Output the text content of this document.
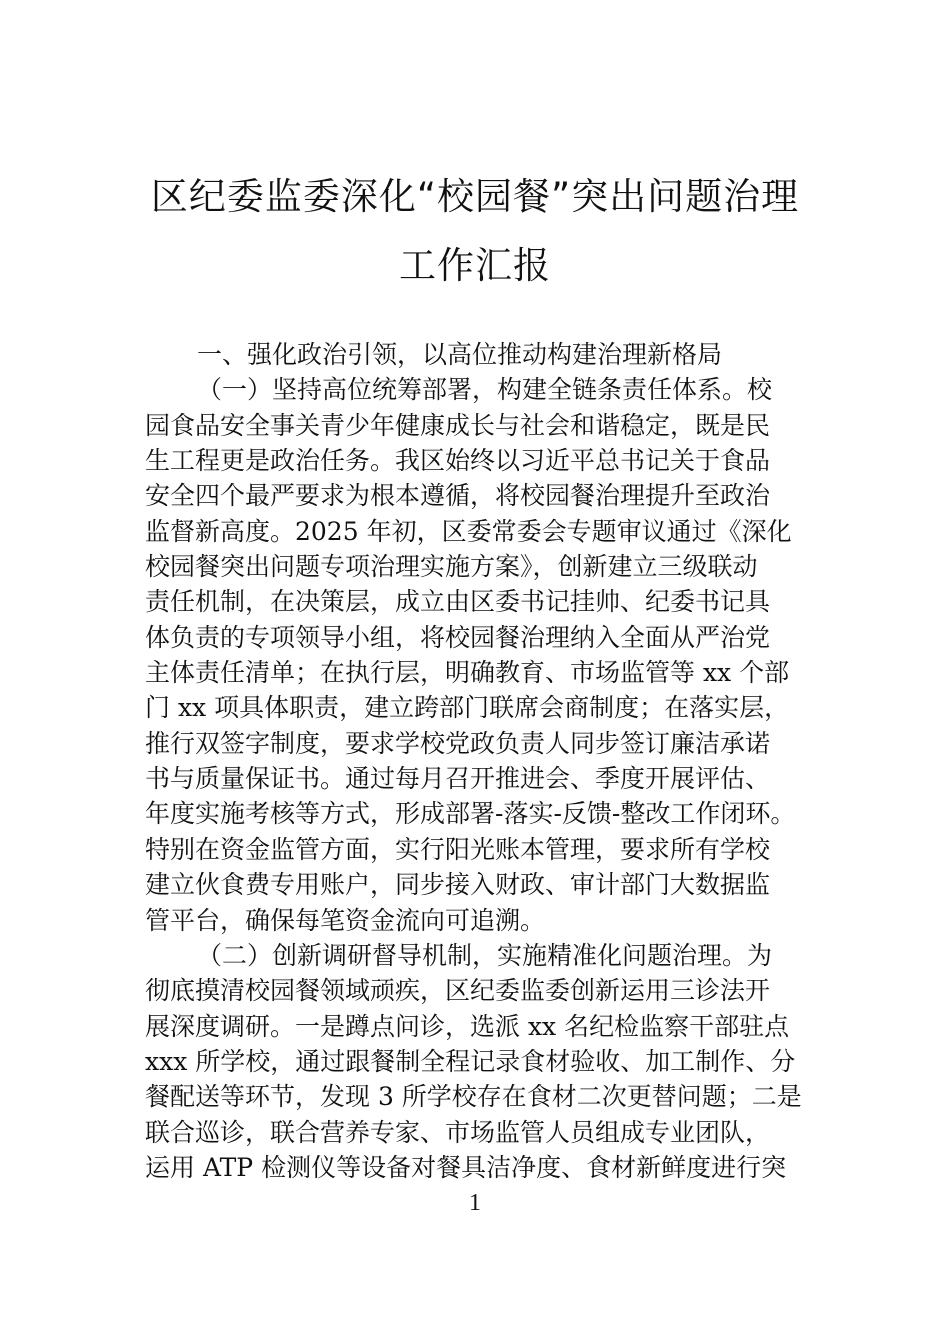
区纪委监委深化“校园餐”突出问题治理
工作汇报
一、强化政治引领，以高位推动构建治理新格局
（一）坚持高位统筹部署，构建全链条责任体系。校
园食品安全事关青少年健康成长与社会和谐稳定，既是民
生工程更是政治任务。我区始终以习近平总书记关于食品
安全四个最严要求为根本遵循，将校园餐治理提升至政治
监督新高度。2025 年初，区委常委会专题审议通过《深化
校园餐突出问题专项治理实施方案》，创新建立三级联动
责任机制，在决策层，成立由区委书记挂帅、纪委书记具
体负责的专项领导小组，将校园餐治理纳入全面从严治党
主体责任清单；在执行层，明确教育、市场监管等 xx 个部
门 xx 项具体职责，建立跨部门联席会商制度；在落实层，
推行双签字制度，要求学校党政负责人同步签订廉洁承诺
书与质量保证书。通过每月召开推进会、季度开展评估、
年度实施考核等方式，形成部署-落实-反馈-整改工作闭环。
特别在资金监管方面，实行阳光账本管理，要求所有学校
建立伙食费专用账户，同步接入财政、审计部门大数据监
管平台，确保每笔资金流向可追溯。
（二）创新调研督导机制，实施精准化问题治理。为
彻底摸清校园餐领域顽疾，区纪委监委创新运用三诊法开
展深度调研。一是蹲点问诊，选派 xx 名纪检监察干部驻点
xxx 所学校，通过跟餐制全程记录食材验收、加工制作、分
餐配送等环节，发现 3 所学校存在食材二次更替问题；二是
联合巡诊，联合营养专家、市场监管人员组成专业团队，
运用 ATP 检测仪等设备对餐具洁净度、食材新鲜度进行突
1
